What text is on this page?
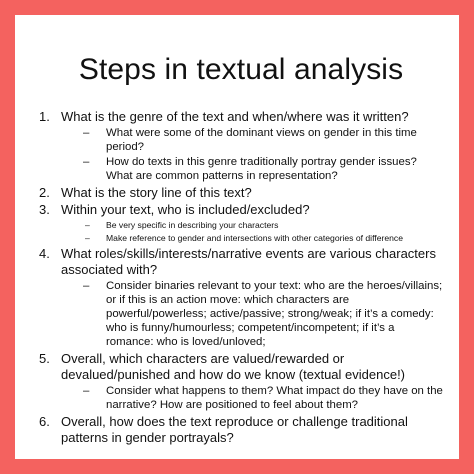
Steps in textual analysis
1. What is the genre of the text and when/where was it written?
– What were some of the dominant views on gender in this time period?
– How do texts in this genre traditionally portray gender issues? What are common patterns in representation?
2. What is the story line of this text?
3. Within your text, who is included/excluded?
– Be very specific in describing your characters
– Make reference to gender and intersections with other categories of difference
4. What roles/skills/interests/narrative events are various characters associated with?
– Consider binaries relevant to your text: who are the heroes/villains; or if this is an action move: which characters are powerful/powerless; active/passive; strong/weak; if it’s a comedy: who is funny/humourless; competent/incompetent; if it’s a romance: who is loved/unloved;
5. Overall, which characters are valued/rewarded or devalued/punished and how do we know (textual evidence!)
– Consider what happens to them? What impact do they have on the narrative? How are positioned to feel about them?
6. Overall, how does the text reproduce or challenge traditional patterns in gender portrayals?
